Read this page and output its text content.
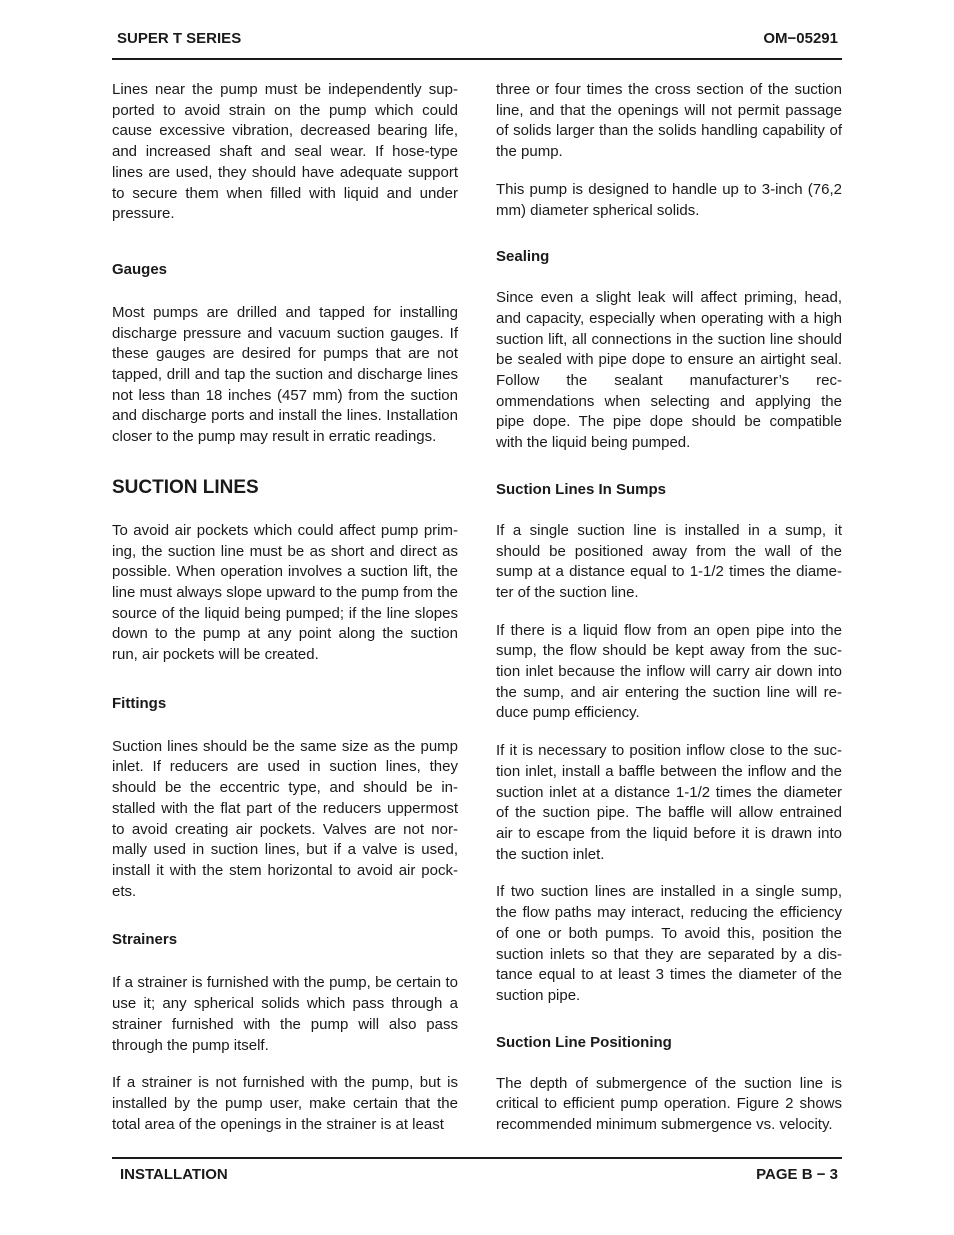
SUPER T SERIES	OM−05291

Lines near the pump must be independently supported to avoid strain on the pump which could cause excessive vibration, decreased bearing life, and increased shaft and seal wear. If hose-type lines are used, they should have adequate support to secure them when filled with liquid and under pressure.

Gauges

Most pumps are drilled and tapped for installing discharge pressure and vacuum suction gauges. If these gauges are desired for pumps that are not tapped, drill and tap the suction and discharge lines not less than 18 inches (457 mm) from the suction and discharge ports and install the lines. Installation closer to the pump may result in erratic readings.

SUCTION LINES

To avoid air pockets which could affect pump priming, the suction line must be as short and direct as possible. When operation involves a suction lift, the line must always slope upward to the pump from the source of the liquid being pumped; if the line slopes down to the pump at any point along the suction run, air pockets will be created.

Fittings

Suction lines should be the same size as the pump inlet. If reducers are used in suction lines, they should be the eccentric type, and should be installed with the flat part of the reducers uppermost to avoid creating air pockets. Valves are not normally used in suction lines, but if a valve is used, install it with the stem horizontal to avoid air pockets.

Strainers

If a strainer is furnished with the pump, be certain to use it; any spherical solids which pass through a strainer furnished with the pump will also pass through the pump itself.

If a strainer is not furnished with the pump, but is installed by the pump user, make certain that the total area of the openings in the strainer is at least

three or four times the cross section of the suction line, and that the openings will not permit passage of solids larger than the solids handling capability of the pump.

This pump is designed to handle up to 3-inch (76,2 mm) diameter spherical solids.

Sealing

Since even a slight leak will affect priming, head, and capacity, especially when operating with a high suction lift, all connections in the suction line should be sealed with pipe dope to ensure an airtight seal. Follow the sealant manufacturer’s recommendations when selecting and applying the pipe dope. The pipe dope should be compatible with the liquid being pumped.

Suction Lines In Sumps

If a single suction line is installed in a sump, it should be positioned away from the wall of the sump at a distance equal to 1-1/2 times the diameter of the suction line.

If there is a liquid flow from an open pipe into the sump, the flow should be kept away from the suction inlet because the inflow will carry air down into the sump, and air entering the suction line will reduce pump efficiency.

If it is necessary to position inflow close to the suction inlet, install a baffle between the inflow and the suction inlet at a distance 1-1/2 times the diameter of the suction pipe. The baffle will allow entrained air to escape from the liquid before it is drawn into the suction inlet.

If two suction lines are installed in a single sump, the flow paths may interact, reducing the efficiency of one or both pumps. To avoid this, position the suction inlets so that they are separated by a distance equal to at least 3 times the diameter of the suction pipe.

Suction Line Positioning

The depth of submergence of the suction line is critical to efficient pump operation. Figure 2 shows recommended minimum submergence vs. velocity.

INSTALLATION	PAGE B − 3
